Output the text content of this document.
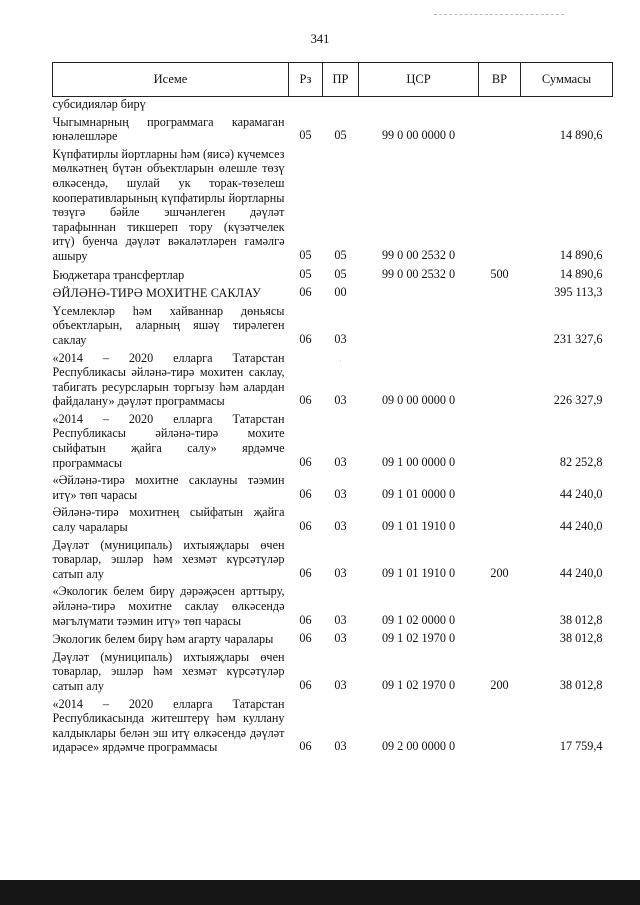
341
Исеме	Рз	ПР	ЦСР	ВР	Суммасы
субсидияләр бирү					
Чыгымнарның программага карамаган юнәлешләре	05	05	99 0 00 0000 0		14 890,6
Күпфатирлы йортларны һәм (яисә) күчемсез мөлкәтнең бүтән объектларын өлешле төзү өлкәсендә, шулай ук торак-төзелеш кооперативларының күпфатирлы йортларны төзүгә бәйле эшчәнлеген дәүләт тарафыннан тикшереп тору (күзәтчелек итү) буенча дәүләт вәкаләтләрен гамәлгә ашыру	05	05	99 0 00 2532 0		14 890,6
Бюджетара трансфертлар	05	05	99 0 00 2532 0	500	14 890,6
ӘЙЛӘНӘ-ТИРӘ МОХИТНЕ САКЛАУ	06	00			395 113,3
Үсемлекләр һәм хайваннар дөньясы объектларын, аларның яшәү тирәлеген саклау	06	03			231 327,6
«2014 – 2020 елларга Татарстан Республикасы әйләнә-тирә мохитен саклау, табигать ресурсларын торгызу һәм алардан файдалану» дәүләт программасы	06	03	09 0 00 0000 0		226 327,9
«2014 – 2020 елларга Татарстан Республикасы әйләнә-тирә мохите сыйфатын җайга салу» ярдәмче программасы	06	03	09 1 00 0000 0		82 252,8
«Әйләнә-тирә мохитне саклауны тәэмин итү» төп чарасы	06	03	09 1 01 0000 0		44 240,0
Әйләнә-тирә мохитнең сыйфатын җайга салу чаралары	06	03	09 1 01 1910 0		44 240,0
Дәүләт (муниципаль) ихтыяҗлары өчен товарлар, эшләр һәм хезмәт күрсәтүләр сатып алу	06	03	09 1 01 1910 0	200	44 240,0
«Экологик белем бирү дәрәҗәсен арттыру, әйләнә-тирә мохитне саклау өлкәсендә мәгълүмати тәэмин итү» төп чарасы	06	03	09 1 02 0000 0		38 012,8
Экологик белем бирү һәм агарту чаралары	06	03	09 1 02 1970 0		38 012,8
Дәүләт (муниципаль) ихтыяҗлары өчен товарлар, эшләр һәм хезмәт күрсәтүләр сатып алу	06	03	09 1 02 1970 0	200	38 012,8
«2014 – 2020 елларга Татарстан Республикасында житештерү һәм куллану калдыклары белән эш итү өлкәсендә дәүләт идарәсе» ярдәмче программасы	06	03	09 2 00 0000 0		17 759,4
·
